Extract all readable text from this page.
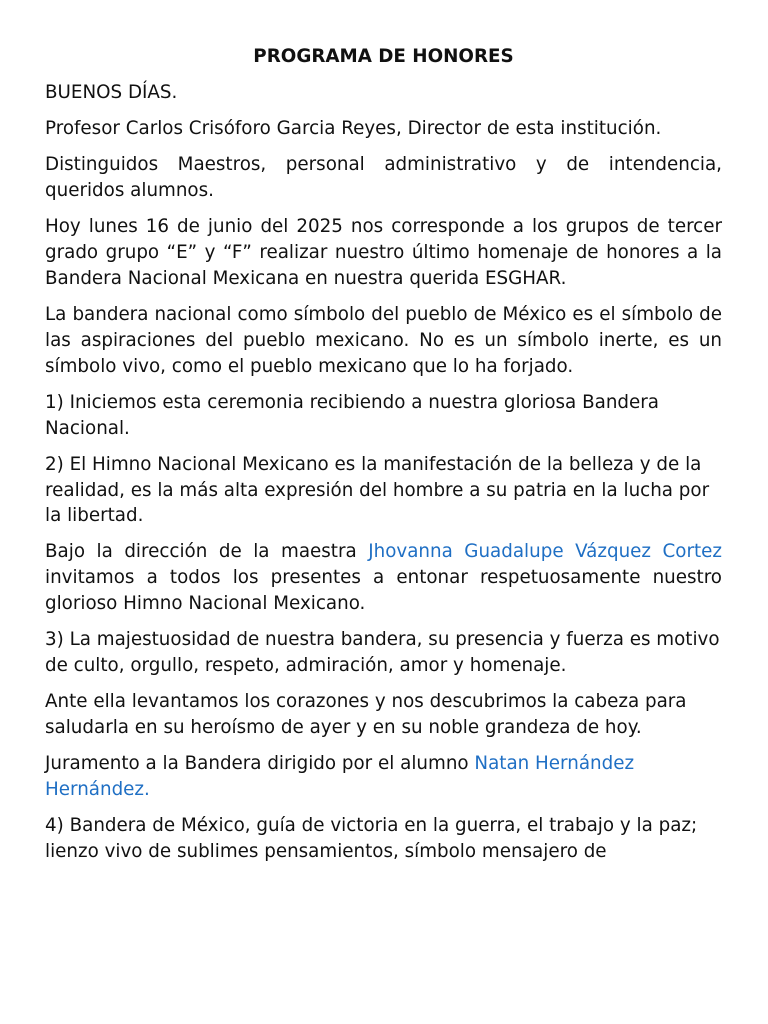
PROGRAMA DE HONORES

BUENOS DÍAS.

Profesor Carlos Crisóforo Garcia Reyes, Director de esta institución.

Distinguidos Maestros, personal administrativo y de intendencia, queridos alumnos.

Hoy lunes 16 de junio del 2025 nos corresponde a los grupos de tercer grado grupo “E” y “F” realizar nuestro último homenaje de honores a la Bandera Nacional Mexicana en nuestra querida ESGHAR.

La bandera nacional como símbolo del pueblo de México es el símbolo de las aspiraciones del pueblo mexicano. No es un símbolo inerte, es un símbolo vivo, como el pueblo mexicano que lo ha forjado.

1) Iniciemos esta ceremonia recibiendo a nuestra gloriosa Bandera Nacional.

2) El Himno Nacional Mexicano es la manifestación de la belleza y de la realidad, es la más alta expresión del hombre a su patria en la lucha por la libertad.

Bajo la dirección de la maestra Jhovanna Guadalupe Vázquez Cortez invitamos a todos los presentes a entonar respetuosamente nuestro glorioso Himno Nacional Mexicano.

3) La majestuosidad de nuestra bandera, su presencia y fuerza es motivo de culto, orgullo, respeto, admiración, amor y homenaje.

Ante ella levantamos los corazones y nos descubrimos la cabeza para saludarla en su heroísmo de ayer y en su noble grandeza de hoy.

Juramento a la Bandera dirigido por el alumno Natan Hernández Hernández.

4) Bandera de México, guía de victoria en la guerra, el trabajo y la paz; lienzo vivo de sublimes pensamientos, símbolo mensajero de
